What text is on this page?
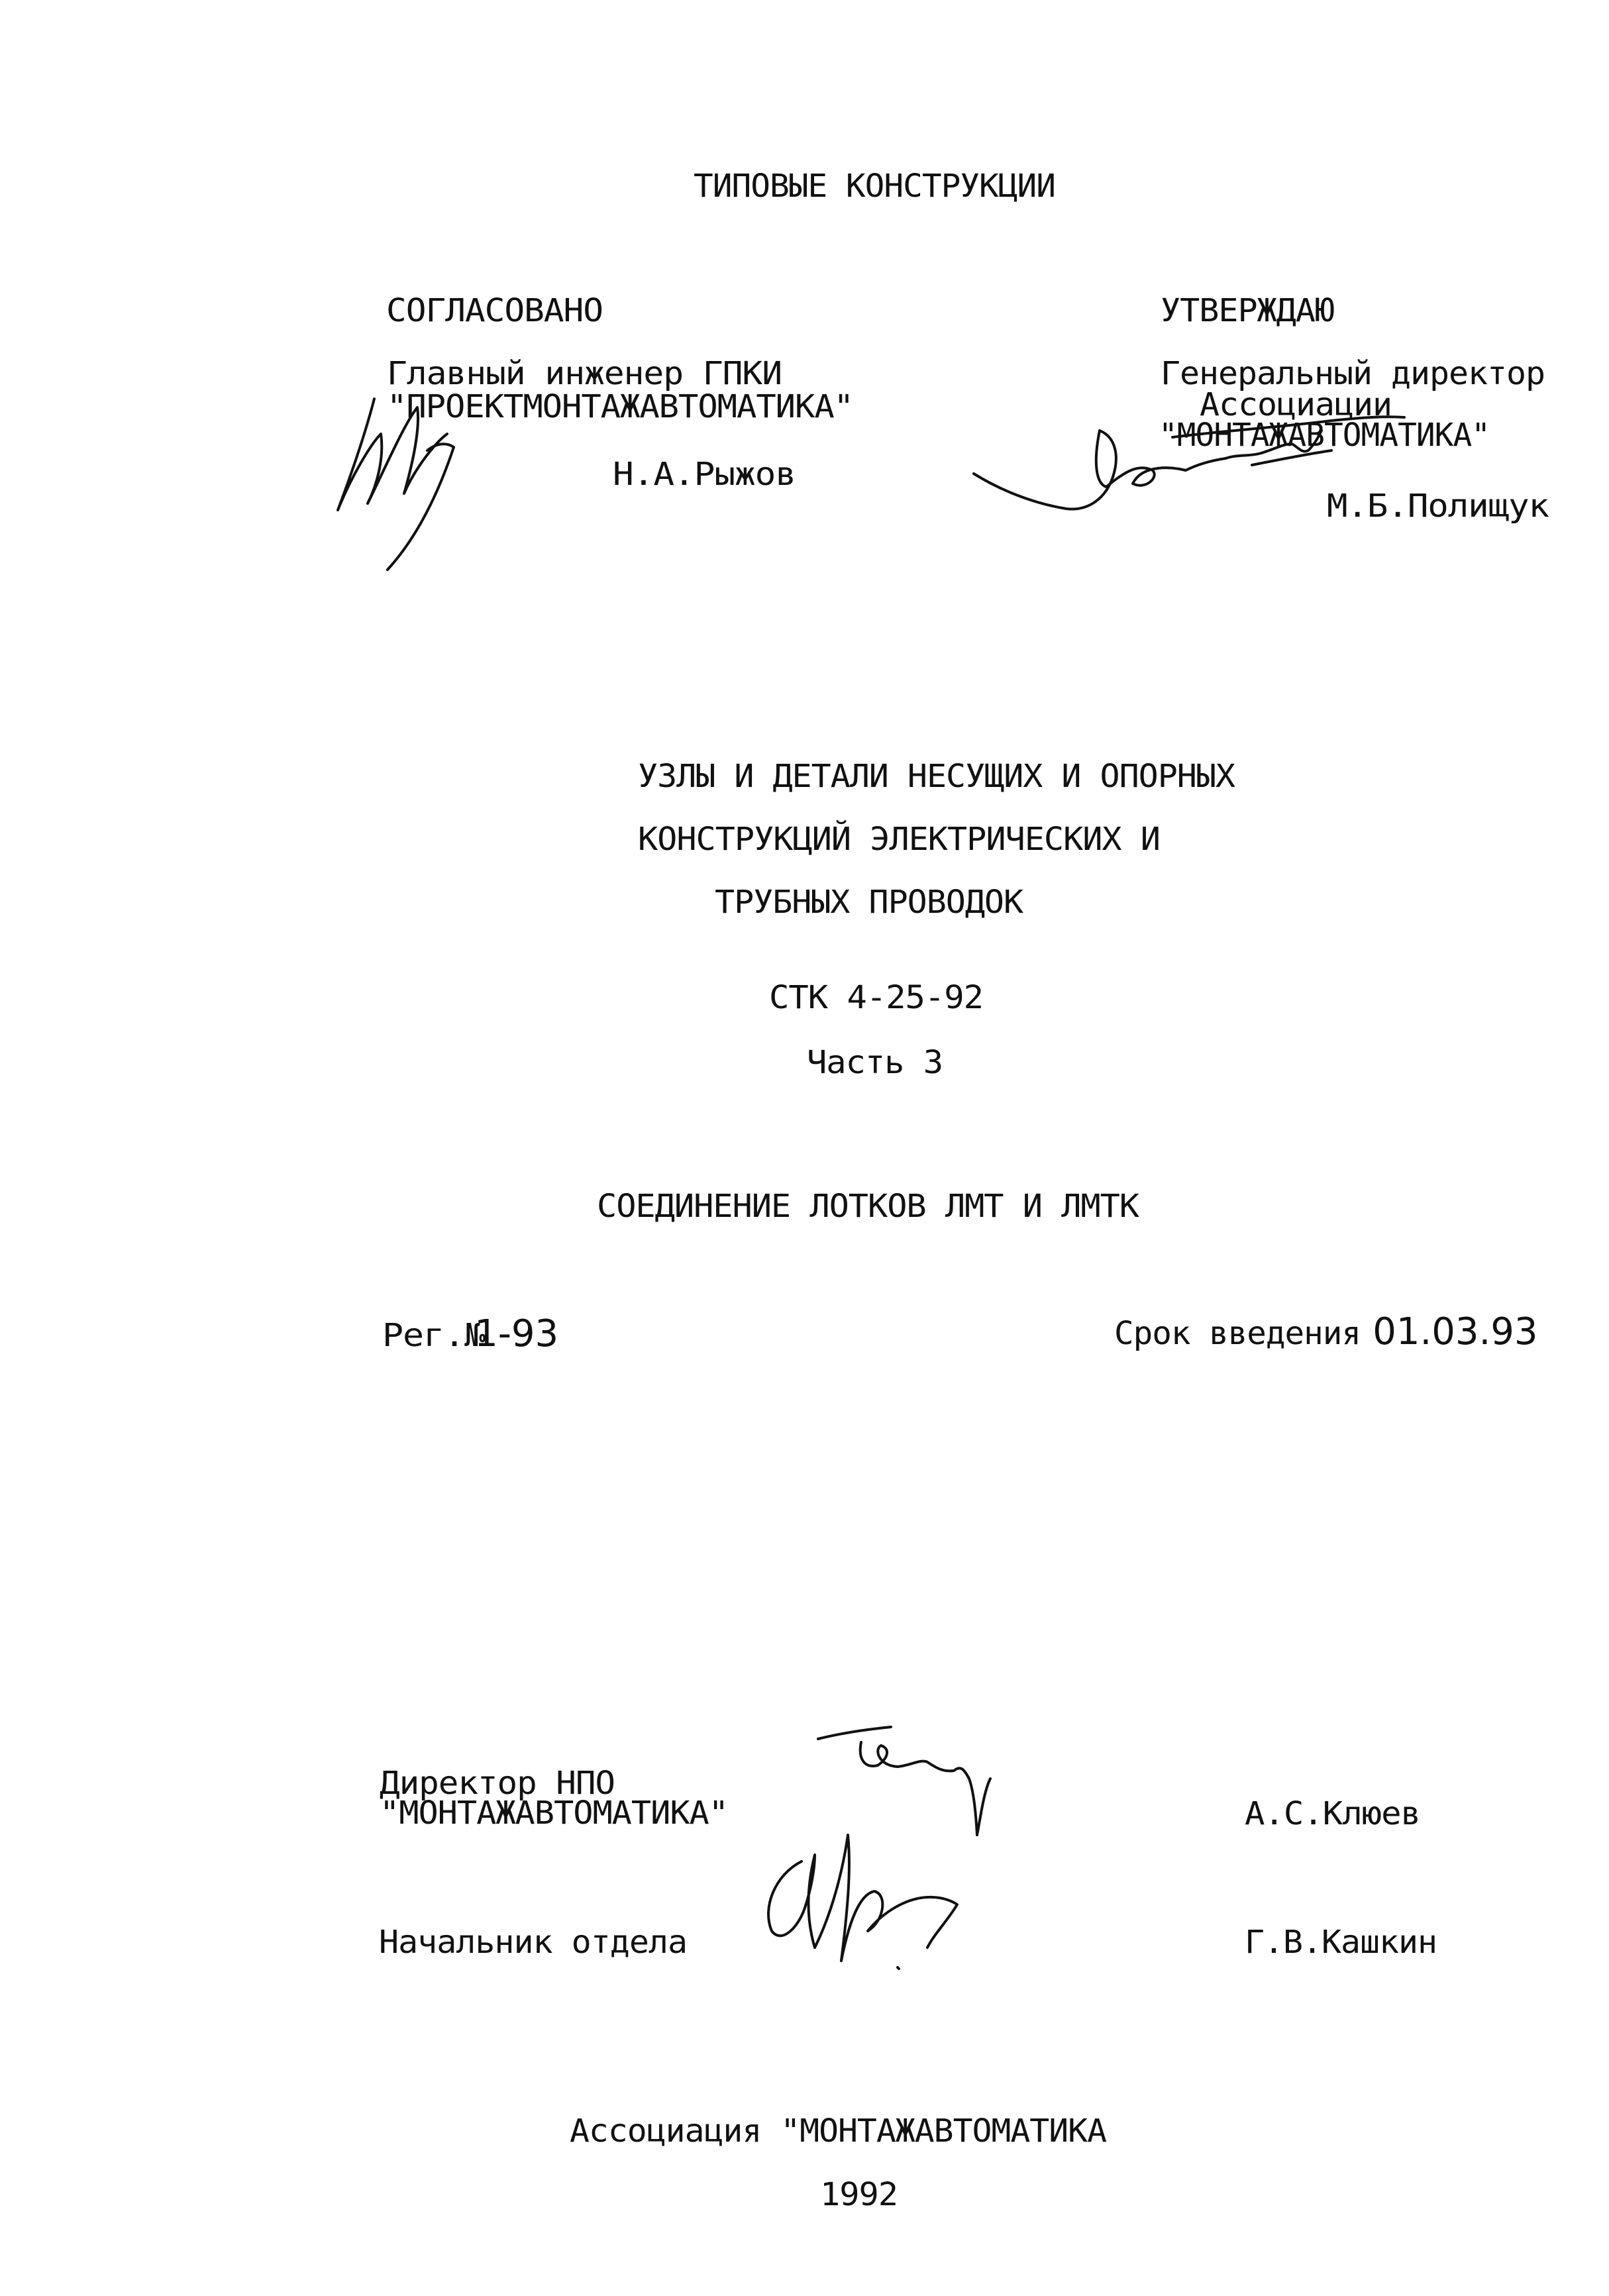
ТИПОВЫЕ КОНСТРУКЦИИ

СОГЛАСОВАНО

Главный инженер ГПКИ

"ПРОЕКТМОНТАЖАВТОМАТИКА"

Н.А.Рыжов

УТВЕРЖДАЮ

Генеральный директор

Ассоциации

"МОНТАЖАВТОМАТИКА"

М.Б.Полищук

УЗЛЫ И ДЕТАЛИ НЕСУЩИХ И ОПОРНЫХ

КОНСТРУКЦИЙ ЭЛЕКТРИЧЕСКИХ И

ТРУБНЫХ ПРОВОДОК

СТК 4-25-92

Часть 3

СОЕДИНЕНИЕ ЛОТКОВ ЛМТ И ЛМТК

Рег.№1-93
	Срок введения 01.03.93

Директор НПО

"МОНТАЖАВТОМАТИКА"
	А.С.Клюев

Начальник отдела
	Г.В.Кашкин

Ассоциация "МОНТАЖАВТОМАТИКА

1992
